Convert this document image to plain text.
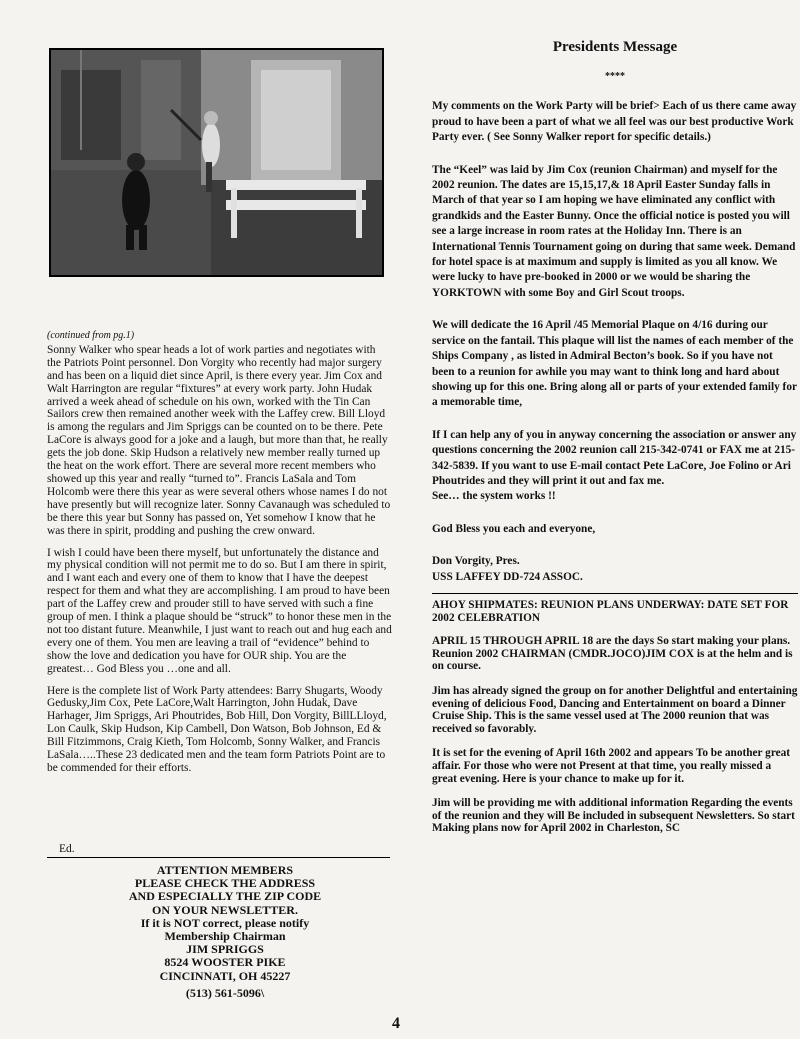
(continued from pg.1)

Sonny Walker who spear heads a lot of work parties and negotiates with the Patriots Point personnel. Don Vorgity who recently had major surgery and has been on a liquid diet since April, is there every year. Jim Cox and Walt Harrington are regular “fixtures” at every work party. John Hudak arrived a week ahead of schedule on his own, worked with the Tin Can Sailors crew then remained another week with the Laffey crew. Bill Lloyd is among the regulars and Jim Spriggs can be counted on to be there. Pete LaCore is always good for a joke and a laugh, but more than that, he really gets the job done. Skip Hudson a relatively new member really turned up the heat on the work effort. There are several more recent members who showed up this year and really “turned to”. Francis LaSala and Tom Holcomb were there this year as were several others whose names I do not have presently but will recognize later. Sonny Cavanaugh was scheduled to be there this year but Sonny has passed on, Yet somehow I know that he was there in spirit, prodding and pushing the crew onward.

I wish I could have been there myself, but unfortunately the distance and my physical condition will not permit me to do so. But I am there in spirit, and I want each and every one of them to know that I have the deepest respect for them and what they are accomplishing. I am proud to have been part of the Laffey crew and prouder still to have served with such a fine group of men. I think a plaque should be “struck” to honor these men in the not too distant future. Meanwhile, I just want to reach out and hug each and every one of them. You men are leaving a trail of “evidence” behind to show the love and dedication you have for OUR ship. You are the greatest… God Bless you …one and all.

Here is the complete list of Work Party attendees: Barry Shugarts, Woody Gedusky,Jim Cox, Pete LaCore,Walt Harrington, John Hudak, Dave Harhager, Jim Spriggs, Ari Phoutrides, Bob Hill, Don Vorgity, BillLLloyd, Lon Caulk, Skip Hudson, Kip Cambell, Don Watson, Bob Johnson, Ed & Bill Fitzimmons, Craig Kieth, Tom Holcomb, Sonny Walker, and Francis LaSala…..These 23 dedicated men and the team form Patriots Point are to be commended for their efforts.

Ed.
ATTENTION MEMBERS
PLEASE CHECK THE ADDRESS
AND ESPECIALLY THE ZIP CODE
ON YOUR NEWSLETTER.
If it is NOT correct, please notify
Membership Chairman
JIM SPRIGGS
8524 WOOSTER PIKE
CINCINNATI, OH 45227
(513) 561-5096\

Presidents Message

****

My comments on the Work Party will be brief> Each of us there came away proud to have been a part of what we all feel was our best productive Work Party ever. ( See Sonny Walker report for specific details.)

The “Keel” was laid by Jim Cox (reunion Chairman) and myself for the 2002 reunion. The dates are 15,15,17,& 18 April Easter Sunday falls in March of that year so I am hoping we have eliminated any conflict with grandkids and the Easter Bunny. Once the official notice is posted you will see a large increase in room rates at the Holiday Inn. There is an International Tennis Tournament going on during that same week. Demand for hotel space is at maximum and supply is limited as you all know. We were lucky to have pre-booked in 2000 or we would be sharing the YORKTOWN with some Boy and Girl Scout troops.

We will dedicate the 16 April /45 Memorial Plaque on 4/16 during our service on the fantail. This plaque will list the names of each member of the Ships Company , as listed in Admiral Becton’s book. So if you have not been to a reunion for awhile you may want to think long and hard about showing up for this one. Bring along all or parts of your extended family for a memorable time,

If I can help any of you in anyway concerning the association or answer any questions concerning the 2002 reunion call 215-342-0741 or FAX me at 215-342-5839. If you want to use E-mail contact Pete LaCore, Joe Folino or Ari Phoutrides and they will print it out and fax me.

See… the system works !!

God Bless you each and everyone,

Don Vorgity, Pres.

USS LAFFEY DD-724 ASSOC.

AHOY SHIPMATES: REUNION PLANS UNDERWAY: DATE SET FOR 2002 CELEBRATION

APRIL 15 THROUGH APRIL 18 are the days So start making your plans. Reunion 2002 CHAIRMAN (CMDR.JOCO)JIM COX is at the helm and is on course.

Jim has already signed the group on for another Delightful and entertaining evening of delicious Food, Dancing and Entertainment on board a Dinner Cruise Ship. This is the same vessel used at The 2000 reunion that was received so favorably.

It is set for the evening of April 16th 2002 and appears To be another great affair. For those who were not Present at that time, you really missed a great evening. Here is your chance to make up for it.

Jim will be providing me with additional information Regarding the events of the reunion and they will Be included in subsequent Newsletters. So start Making plans now for April 2002 in Charleston, SC

4
